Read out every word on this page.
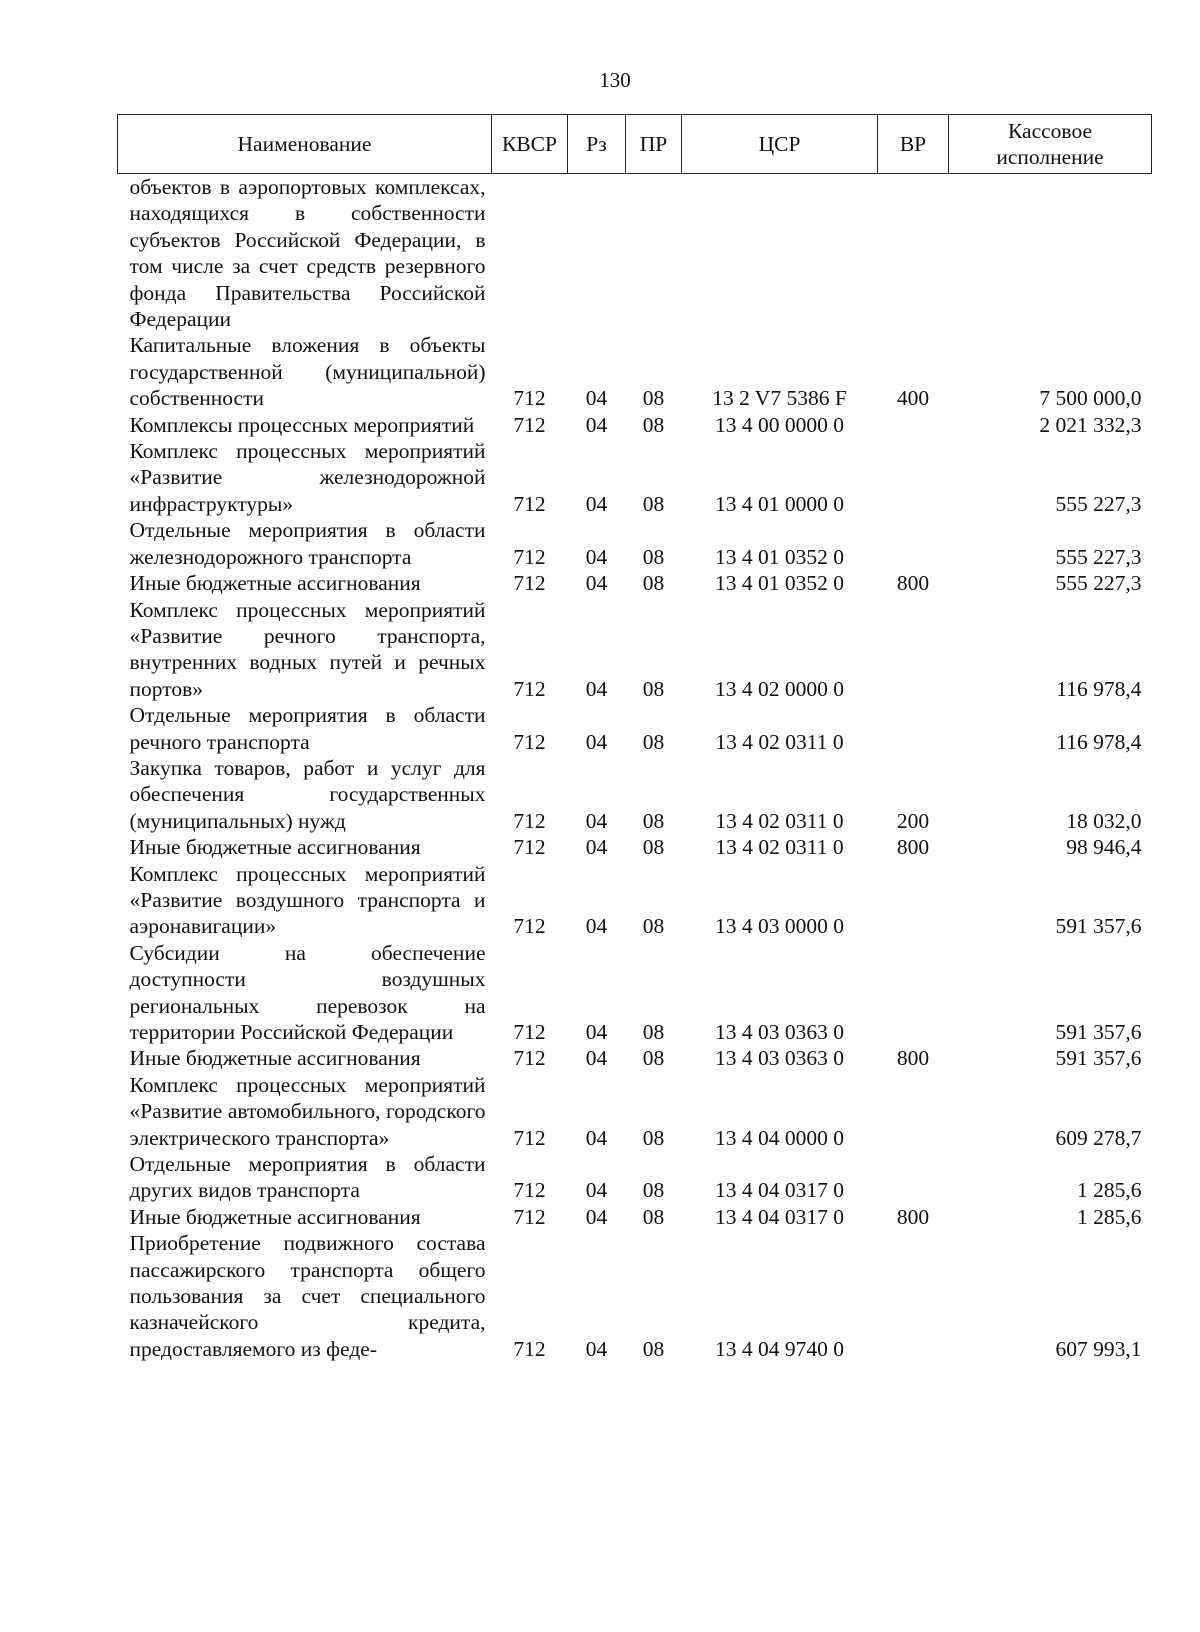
130
Наименование	КВСР	Рз	ПР	ЦСР	ВР	Кассовое
исполнение
объектов в аэропортовых комплексах, находящихся в собственности субъектов Российской Федерации, в том числе за счет средств резервного фонда Правительства Российской Федерации						
Капитальные вложения в объекты государственной (муниципальной) собственности	712	04	08	13 2 V7 5386 F	400	7 500 000,0
Комплексы процессных мероприятий	712	04	08	13 4 00 0000 0		2 021 332,3
Комплекс процессных мероприятий «Развитие железнодорожной инфраструктуры»	712	04	08	13 4 01 0000 0		555 227,3
Отдельные мероприятия в области железнодорожного транспорта	712	04	08	13 4 01 0352 0		555 227,3
Иные бюджетные ассигнования	712	04	08	13 4 01 0352 0	800	555 227,3
Комплекс процессных мероприятий «Развитие речного транспорта, внутренних водных путей и речных портов»	712	04	08	13 4 02 0000 0		116 978,4
Отдельные мероприятия в области речного транспорта	712	04	08	13 4 02 0311 0		116 978,4
Закупка товаров, работ и услуг для обеспечения государственных (муниципальных) нужд	712	04	08	13 4 02 0311 0	200	18 032,0
Иные бюджетные ассигнования	712	04	08	13 4 02 0311 0	800	98 946,4
Комплекс процессных мероприятий «Развитие воздушного транспорта и аэронавигации»	712	04	08	13 4 03 0000 0		591 357,6
Субсидии на обеспечение доступности воздушных региональных перевозок на территории Российской Федерации	712	04	08	13 4 03 0363 0		591 357,6
Иные бюджетные ассигнования	712	04	08	13 4 03 0363 0	800	591 357,6
Комплекс процессных мероприятий «Развитие автомобильного, городского электрического транспорта»	712	04	08	13 4 04 0000 0		609 278,7
Отдельные мероприятия в области других видов транспорта	712	04	08	13 4 04 0317 0		1 285,6
Иные бюджетные ассигнования	712	04	08	13 4 04 0317 0	800	1 285,6
Приобретение подвижного состава пассажирского транспорта общего пользования за счет специального казначейского кредита, предоставляемого из феде-	712	04	08	13 4 04 9740 0		607 993,1
